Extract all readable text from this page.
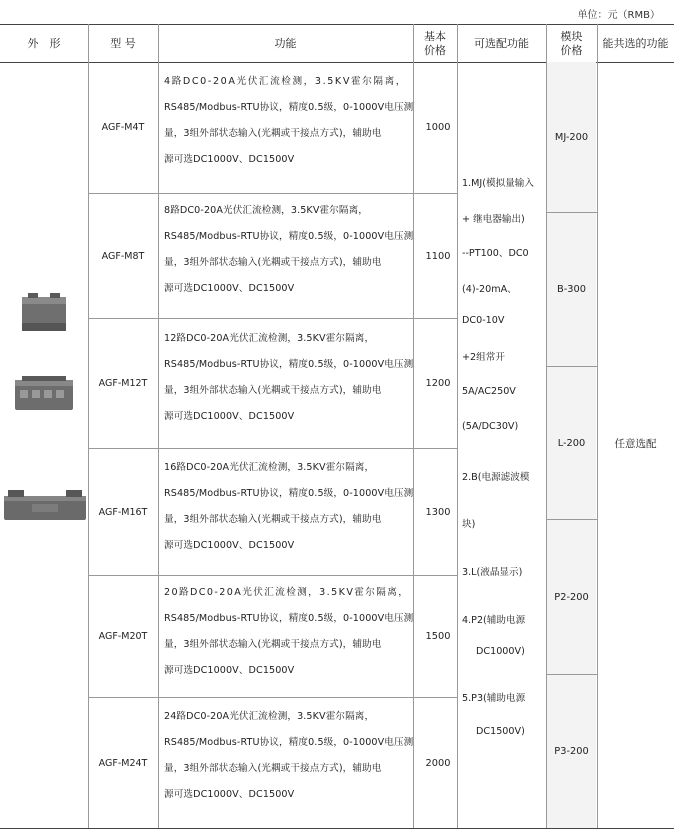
单位：元（RMB）
外　形	型 号	功能
基本
价格
可选配功能
模块
价格
能共选的功能
AGF-M4T
4路DC0-20A光伏汇流检测，3.5KV霍尔隔离，
RS485/Modbus-RTU协议，精度0.5级，0-1000V电压测
量，3组外部状态输入(光耦或干接点方式)，辅助电
源可选DC1000V、DC1500V
1000
AGF-M8T
8路DC0-20A光伏汇流检测，3.5KV霍尔隔离，
RS485/Modbus-RTU协议，精度0.5级，0-1000V电压测
量，3组外部状态输入(光耦或干接点方式)，辅助电
源可选DC1000V、DC1500V
1100
AGF-M12T
12路DC0-20A光伏汇流检测，3.5KV霍尔隔离，
RS485/Modbus-RTU协议，精度0.5级，0-1000V电压测
量，3组外部状态输入(光耦或干接点方式)，辅助电
源可选DC1000V、DC1500V
1200
AGF-M16T
16路DC0-20A光伏汇流检测，3.5KV霍尔隔离，
RS485/Modbus-RTU协议，精度0.5级，0-1000V电压测
量，3组外部状态输入(光耦或干接点方式)，辅助电
源可选DC1000V、DC1500V
1300
AGF-M20T
20路DC0-20A光伏汇流检测，3.5KV霍尔隔离，
RS485/Modbus-RTU协议，精度0.5级，0-1000V电压测
量，3组外部状态输入(光耦或干接点方式)，辅助电
源可选DC1000V、DC1500V
1500
AGF-M24T
24路DC0-20A光伏汇流检测，3.5KV霍尔隔离，
RS485/Modbus-RTU协议，精度0.5级，0-1000V电压测
量，3组外部状态输入(光耦或干接点方式)，辅助电
源可选DC1000V、DC1500V
2000
1.MJ(模拟量输入
+ 继电器输出)
--PT100、DC0
(4)-20mA、
DC0-10V
+2组常开
5A/AC250V
(5A/DC30V)
2.B(电源滤波模
块)
3.L(液晶显示)
4.P2(辅助电源
DC1000V)
5.P3(辅助电源
DC1500V)
MJ-200
B-300
L-200
P2-200
P3-200
任意选配
